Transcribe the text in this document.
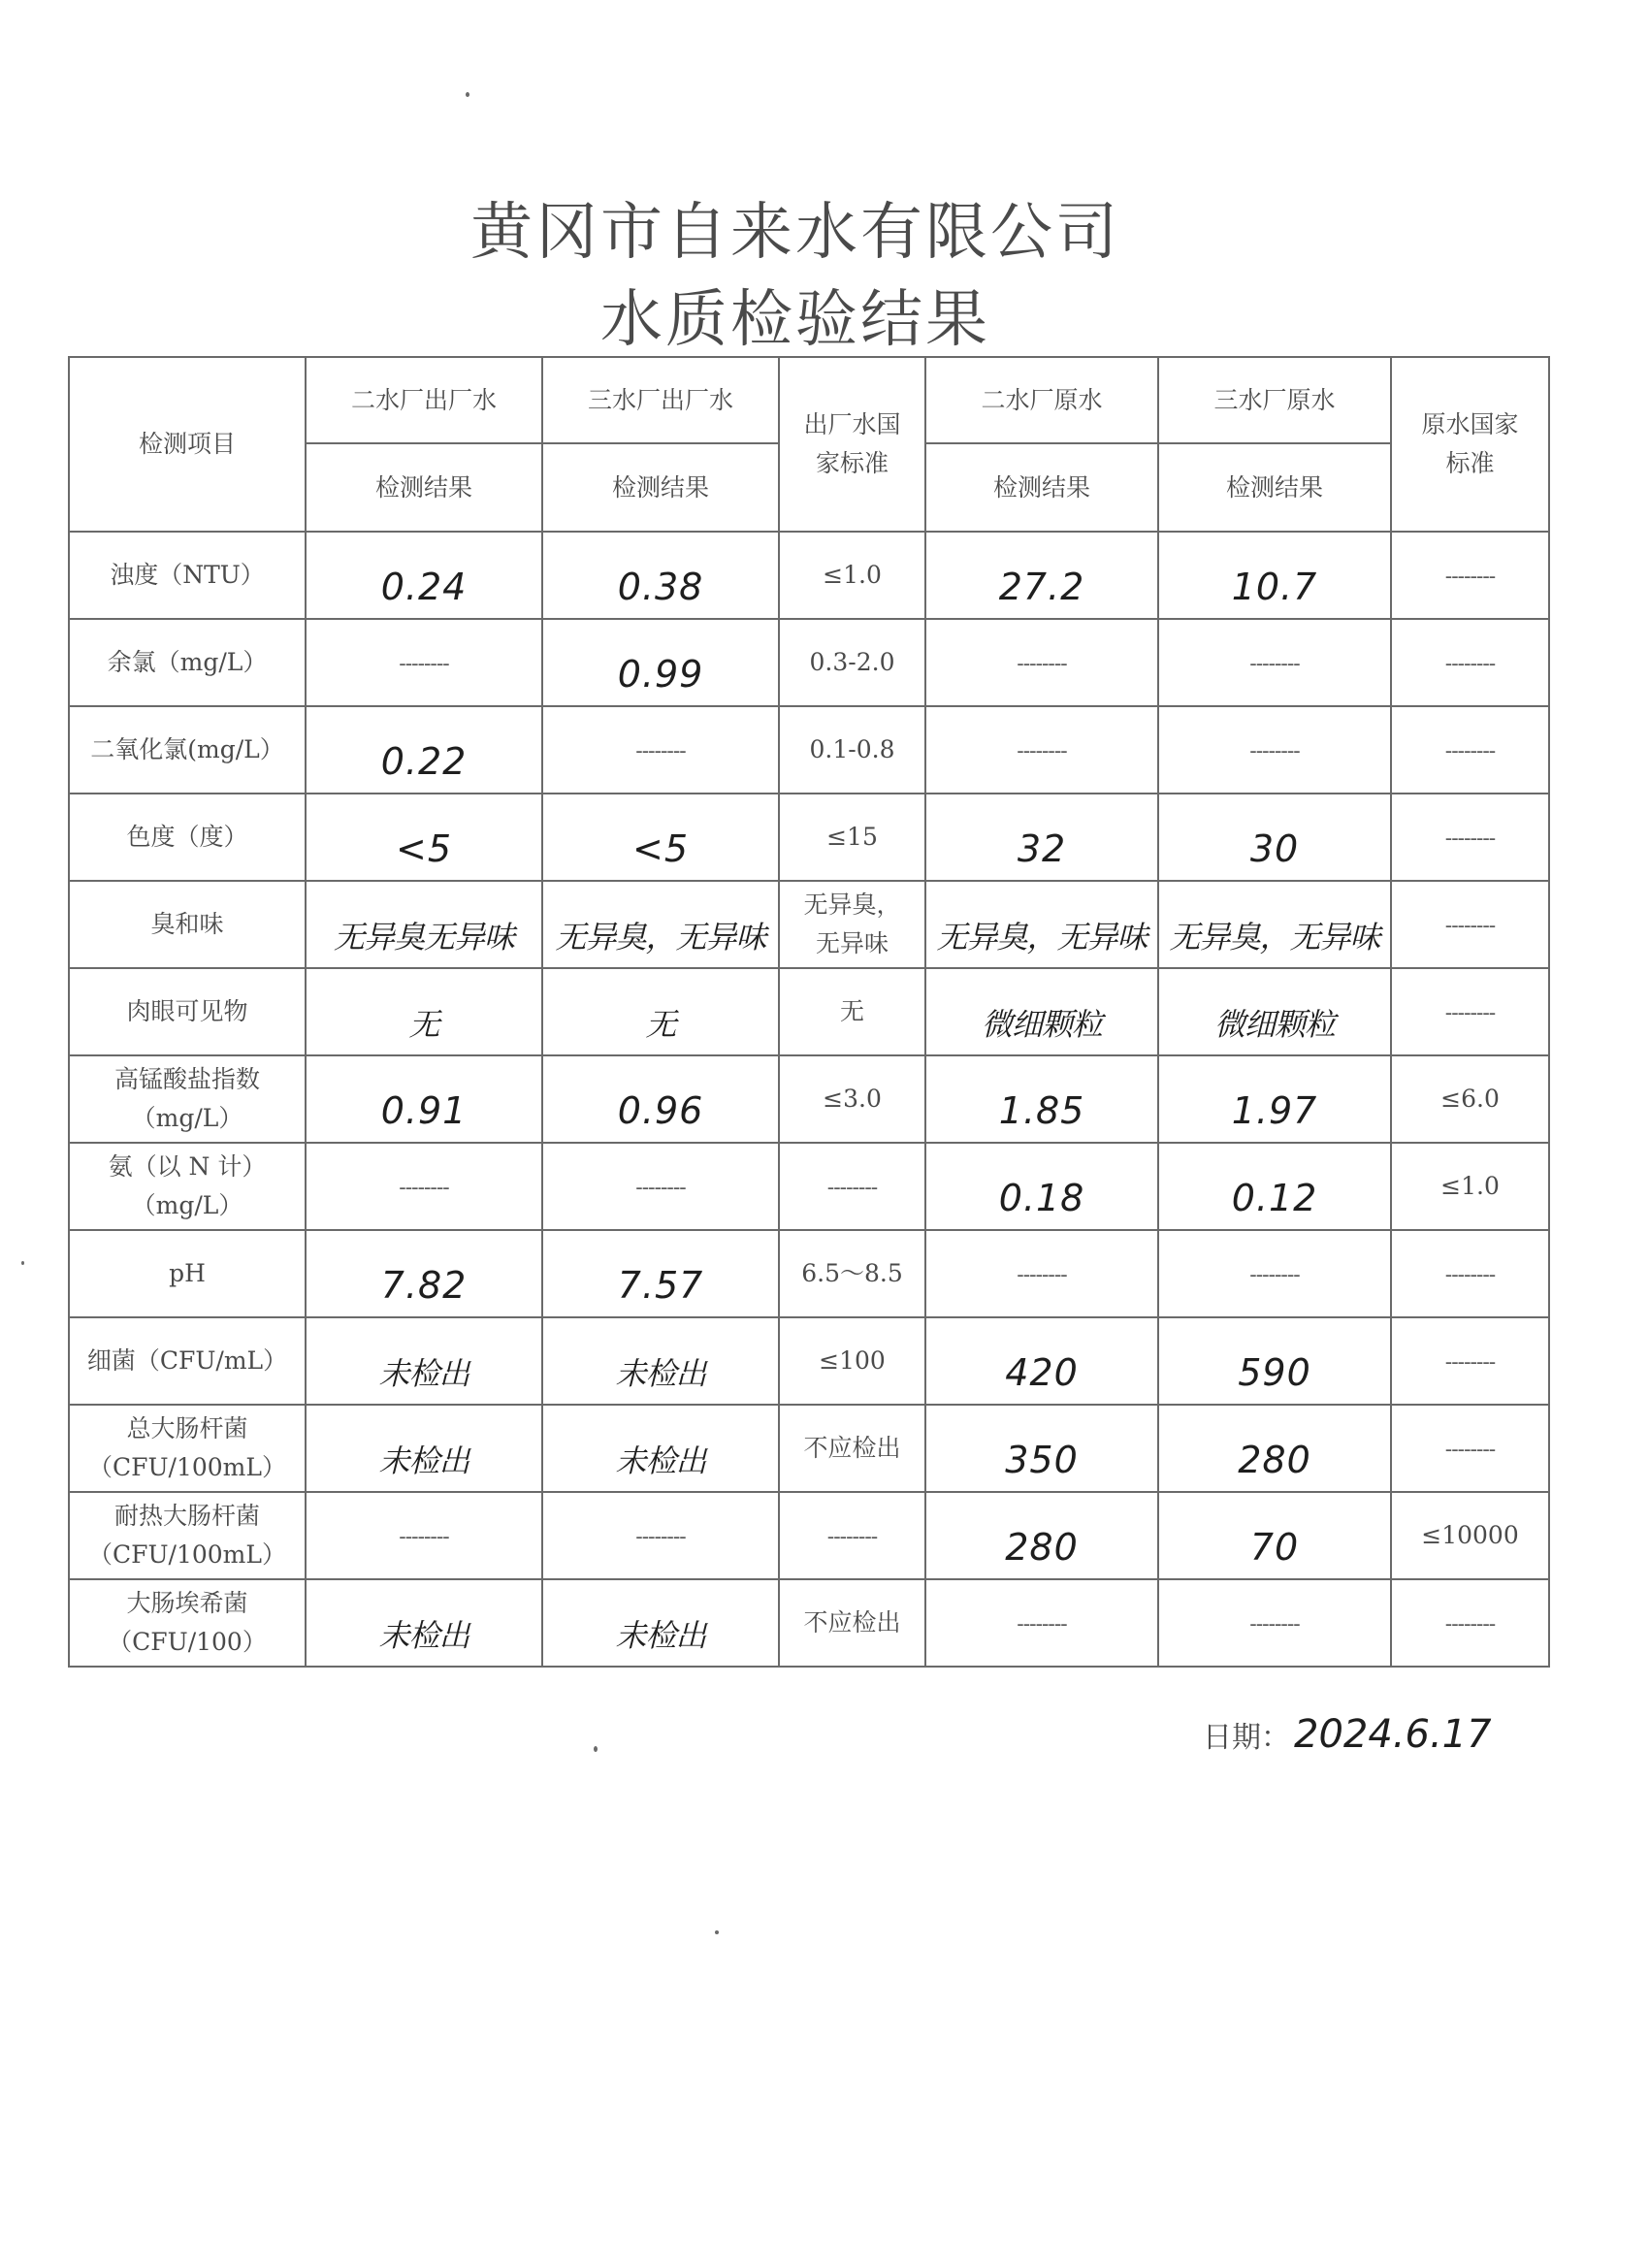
黄冈市自来水有限公司
水质检验结果
检测项目	二水厂出厂水	三水厂出厂水	出厂水国
家标准	二水厂原水	三水厂原水	原水国家
标准
	检测结果	检测结果		检测结果	检测结果	
浊度（NTU）	0.24	0.38	≤1.0	27.2	10.7	--------
余氯（mg/L）	--------	0.99	0.3-2.0	--------	--------	--------
二氧化氯(mg/L）	0.22	--------	0.1-0.8	--------	--------	--------
色度（度）	<5	<5	≤15	32	30	--------
臭和味	无异臭无异味	无异臭，无异味	无异臭，
无异味	无异臭，无异味	无异臭，无异味	--------
肉眼可见物	无	无	无	微细颗粒	微细颗粒	--------
高锰酸盐指数
（mg/L）	0.91	0.96	≤3.0	1.85	1.97	≤6.0
氨（以 N 计）
（mg/L）	--------	--------	--------	0.18	0.12	≤1.0
pH	7.82	7.57	6.5～8.5	--------	--------	--------
细菌（CFU/mL）	未检出	未检出	≤100	420	590	--------
总大肠杆菌
（CFU/100mL）	未检出	未检出	不应检出	350	280	--------
耐热大肠杆菌
（CFU/100mL）	--------	--------	--------	280	70	≤10000
大肠埃希菌
（CFU/100）	未检出	未检出	不应检出	--------	--------	--------
日期： 2024.6.17
